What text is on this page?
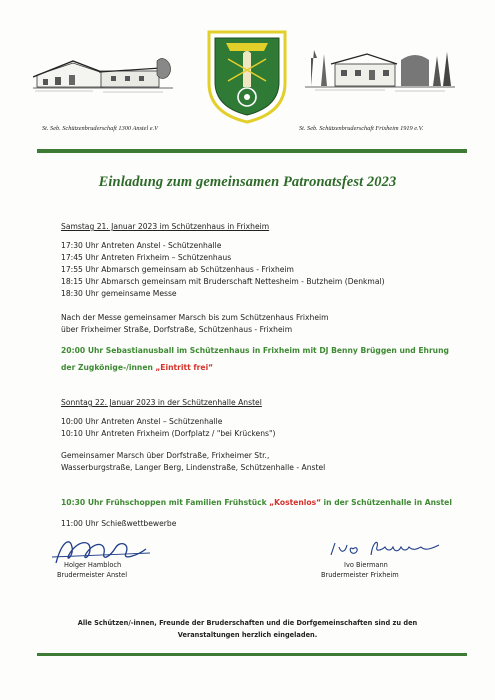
St. Seb. Schützenbruderschaft 1300 Anstel e.V	St. Seb. Schützenbruderschaft Frixheim 1919 e.V.
Einladung zum gemeinsamen Patronatsfest 2023
Samstag 21. Januar 2023 im Schützenhaus in Frixheim
17:30 Uhr Antreten Anstel - Schützenhalle
17:45 Uhr Antreten Frixheim – Schützenhaus
17:55 Uhr Abmarsch gemeinsam ab Schützenhaus - Frixheim
18:15 Uhr Abmarsch gemeinsam mit Bruderschaft Nettesheim - Butzheim (Denkmal)
18:30 Uhr gemeinsame Messe
Nach der Messe gemeinsamer Marsch bis zum Schützenhaus Frixheim
über Frixheimer Straße, Dorfstraße, Schützenhaus - Frixheim
20:00 Uhr Sebastianusball im Schützenhaus in Frixheim mit DJ Benny Brüggen und Ehrung
der Zugkönige-/innen „Eintritt frei“
Sonntag 22. Januar 2023 in der Schützenhalle Anstel
10:00 Uhr Antreten Anstel – Schützenhalle
10:10 Uhr Antreten Frixheim (Dorfplatz / "bei Krückens")
Gemeinsamer Marsch über Dorfstraße, Frixheimer Str.,
Wasserburgstraße, Langer Berg, Lindenstraße, Schützenhalle - Anstel
10:30 Uhr Frühschoppen mit Familien Frühstück „Kostenlos“ in der Schützenhalle in Anstel
11:00 Uhr Schießwettbewerbe
Holger Hambloch
Brudermeister Anstel
Ivo Biermann
Brudermeister Frixheim
Alle Schützen/-innen, Freunde der Bruderschaften und die Dorfgemeinschaften sind zu den
Veranstaltungen herzlich eingeladen.
